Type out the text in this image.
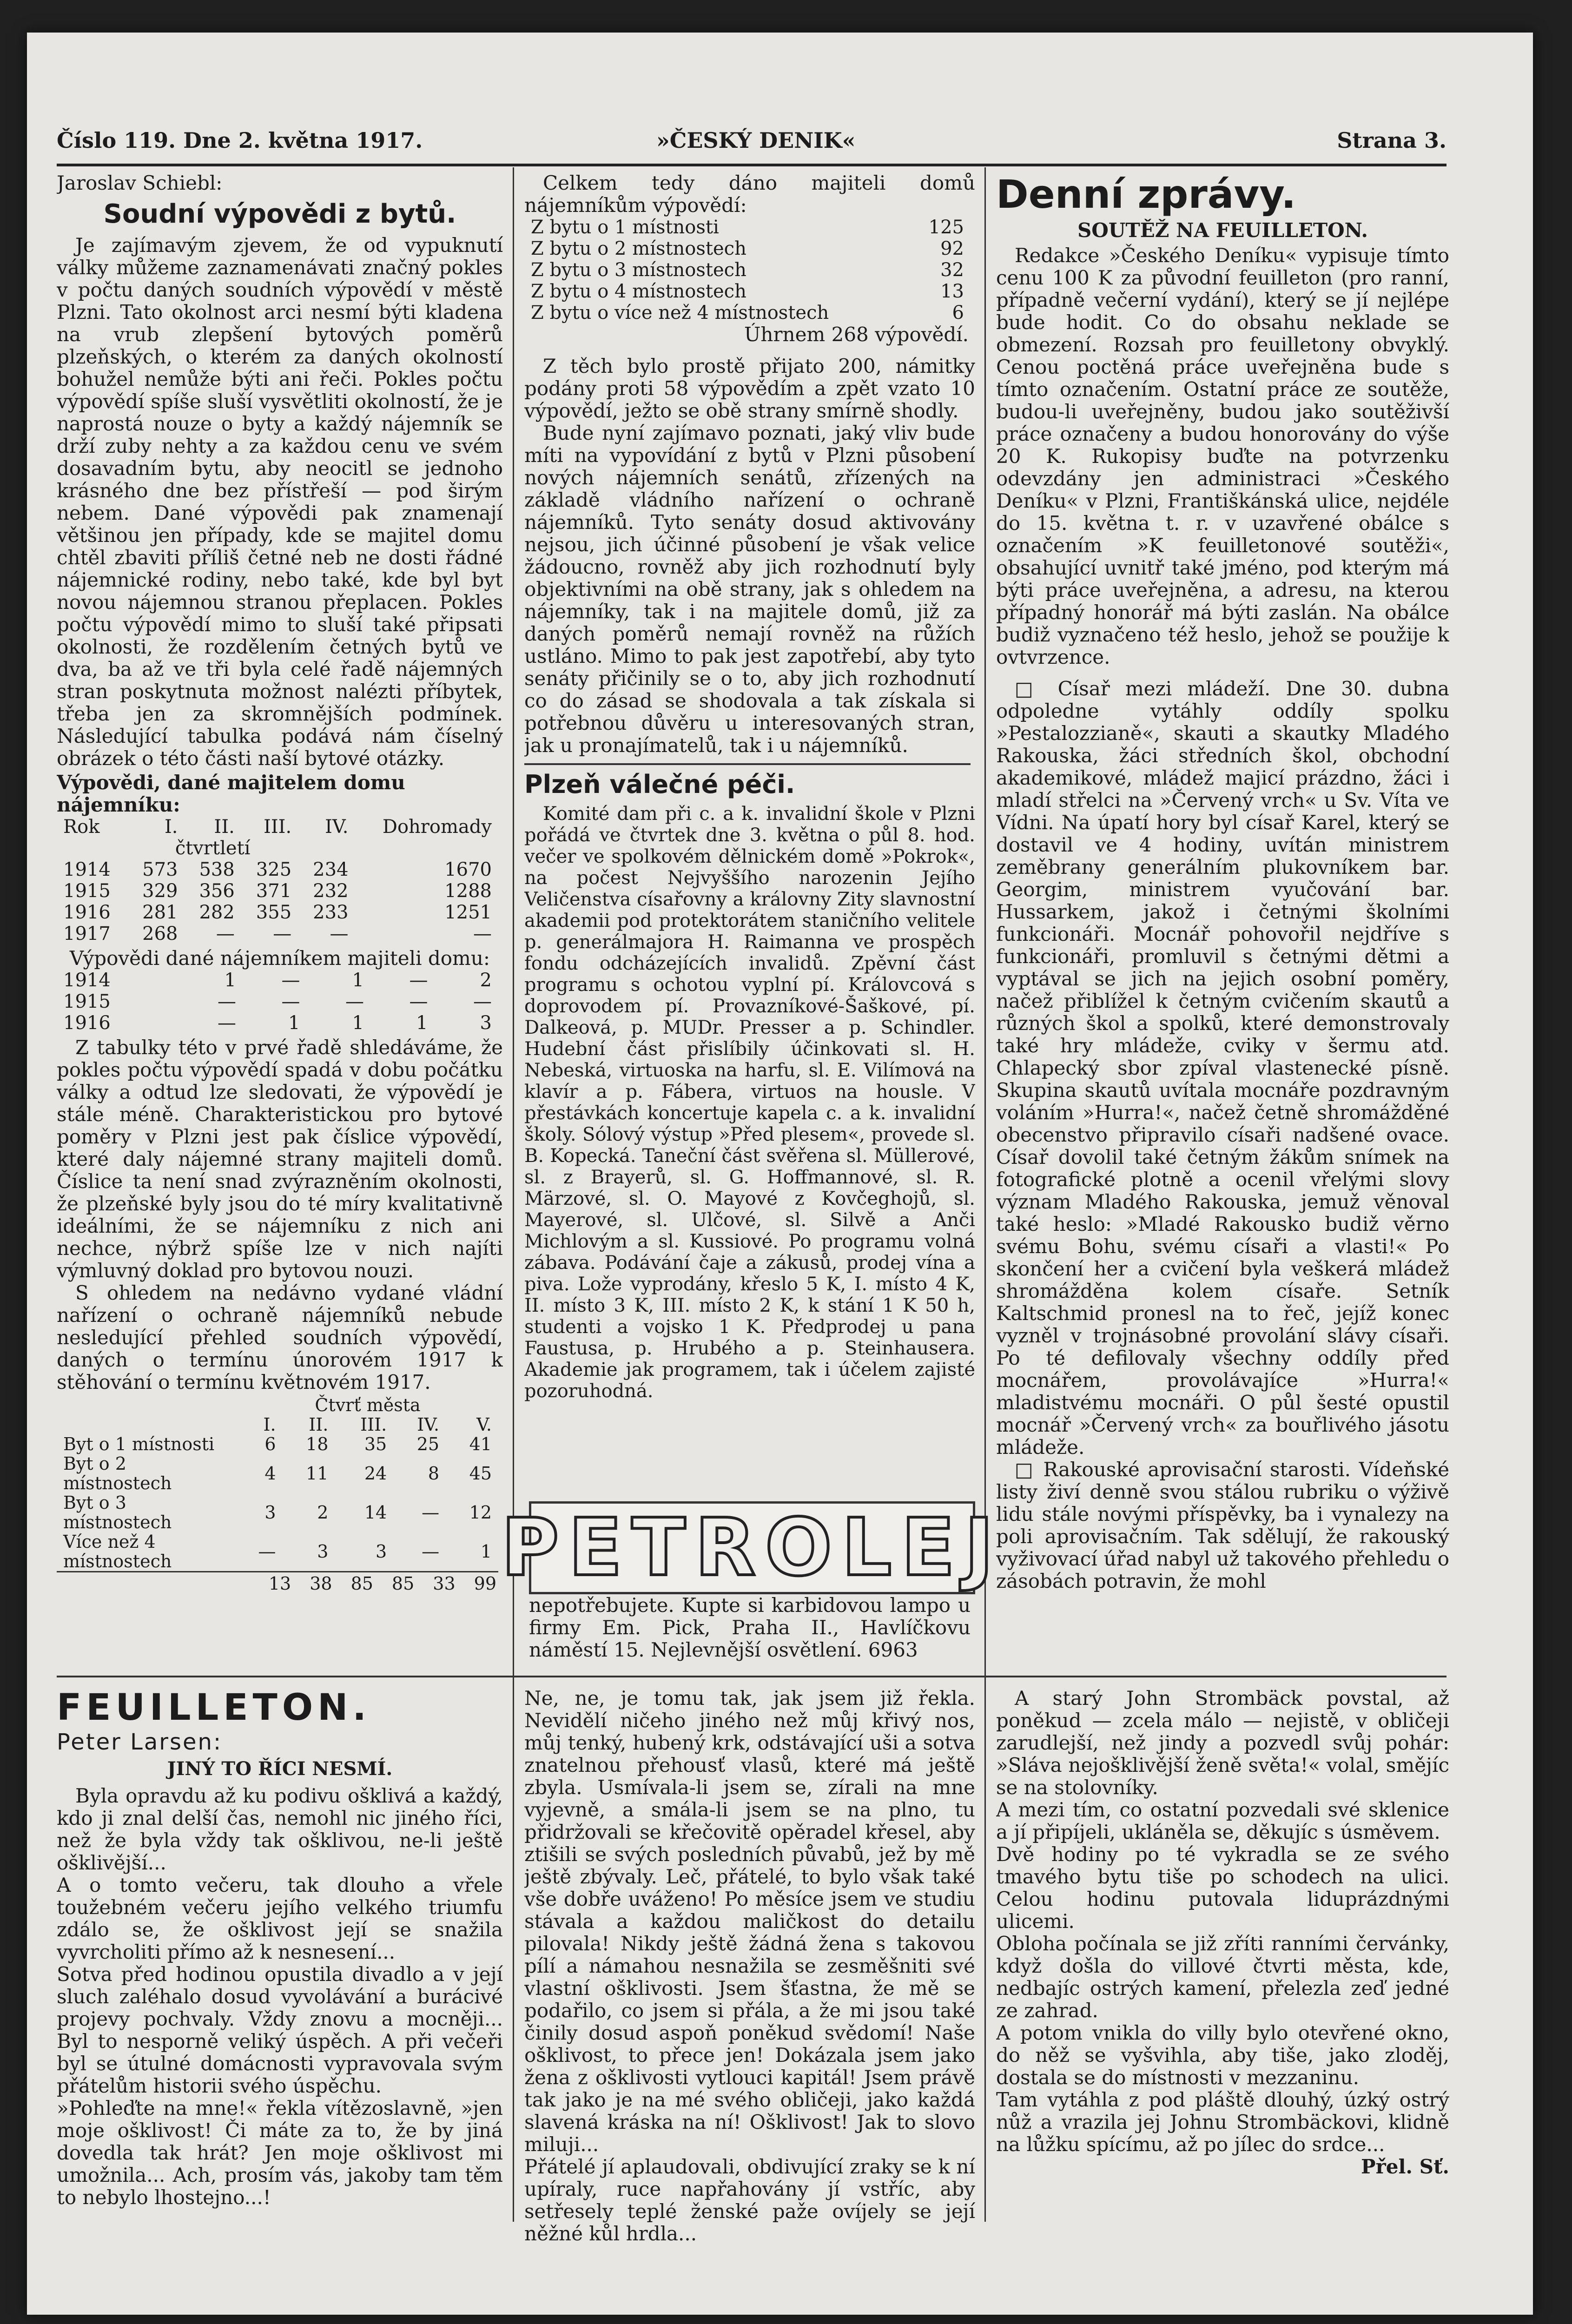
Číslo 119. Dne 2. května 1917.	»ČESKÝ DENIK«	Strana 3.
Jaroslav Schiebl:
Soudní výpovědi z bytů.

Je zajímavým zjevem, že od vypuknutí války můžeme zaznamenávati značný pokles v počtu daných soudních výpovědí v městě Plzni. Tato okolnost arci nesmí býti kladena na vrub zlepšení bytových poměrů plzeňských, o kterém za daných okolností bohužel nemůže býti ani řeči. Pokles počtu výpovědí spíše sluší vysvětliti okolností, že je naprostá nouze o byty a každý nájemník se drží zuby nehty a za každou cenu ve svém dosavadním bytu, aby neocitl se jednoho krásného dne bez přístřeší — pod širým nebem. Dané výpovědi pak znamenají většinou jen případy, kde se majitel domu chtěl zbaviti příliš četné neb ne dosti řádné nájemnické rodiny, nebo také, kde byl byt novou nájemnou stranou přeplacen. Pokles počtu výpovědí mimo to sluší také připsati okolnosti, že rozdělením četných bytů ve dva, ba až ve tři byla celé řadě nájemných stran poskytnuta možnost nalézti příbytek, třeba jen za skromnějších podmínek. Následující tabulka podává nám číselný obrázek o této části naší bytové otázky.

Výpovědi, dané majitelem domu nájemníku:
Rok	I.	II.	III.	IV.	Dohromady
	čtvrtletí				
1914	573	538	325	234	1670
1915	329	356	371	232	1288
1916	281	282	355	233	1251
1917	268	—	—	—	—
Výpovědi dané nájemníkem majiteli domu:
1914	1	—	1	—	2
1915	—	—	—	—	—
1916	—	1	1	1	3

Z tabulky této v prvé řadě shledáváme, že pokles počtu výpovědí spadá v dobu počátku války a odtud lze sledovati, že výpovědí je stále méně. Charakteristickou pro bytové poměry v Plzni jest pak číslice výpovědí, které daly nájemné strany majiteli domů. Číslice ta není snad zvýrazněním okolnosti, že plzeňské byly jsou do té míry kvalitativně ideálními, že se nájemníku z nich ani nechce, nýbrž spíše lze v nich najíti výmluvný doklad pro bytovou nouzi.

S ohledem na nedávno vydané vládní nařízení o ochraně nájemníků nebude nesledující přehled soudních výpovědí, daných o termínu únorovém 1917 k stěhování o termínu květnovém 1917.

	Čtvrť města				
	I.	II.	III.	IV.	V.
Byt o 1 místnosti	6	18	35	25	41
Byt o 2 místnostech	4	11	24	8	45
Byt o 3 místnostech	3	2	14	—	12
Více než 4 místnostech	—	3	3	—	1
13 38 85 85 33 99

Celkem tedy dáno majiteli domů nájemníkům výpovědí:

Z bytu o 1 místnosti	125
Z bytu o 2 místnostech	92
Z bytu o 3 místnostech	32
Z bytu o 4 místnostech	13
Z bytu o více než 4 místnostech	6
Úhrnem 268 výpovědí.

Z těch bylo prostě přijato 200, námitky podány proti 58 výpovědím a zpět vzato 10 výpovědí, ježto se obě strany smírně shodly.

Bude nyní zajímavo poznati, jaký vliv bude míti na vypovídání z bytů v Plzni působení nových nájemních senátů, zřízených na základě vládního nařízení o ochraně nájemníků. Tyto senáty dosud aktivovány nejsou, jich účinné působení je však velice žádoucno, rovněž aby jich rozhodnutí byly objektivními na obě strany, jak s ohledem na nájemníky, tak i na majitele domů, již za daných poměrů nemají rovněž na růžích ustláno. Mimo to pak jest zapotřebí, aby tyto senáty přičinily se o to, aby jich rozhodnutí co do zásad se shodovala a tak získala si potřebnou důvěru u interesovaných stran, jak u pronajímatelů, tak i u nájemníků.

Plzeň válečné péči.

Komité dam při c. a k. invalidní škole v Plzni pořádá ve čtvrtek dne 3. května o půl 8. hod. večer ve spolkovém dělnickém domě »Pokrok«, na počest Nejvyššího narozenin Jejího Veličenstva císařovny a královny Zity slavnostní akademii pod protektorátem staničního velitele p. generálmajora H. Raimanna ve prospěch fondu odcházejících invalidů. Zpěvní část programu s ochotou vyplní pí. Královcová s doprovodem pí. Provazníkové-Šaškové, pí. Dalkeová, p. MUDr. Presser a p. Schindler. Hudební část přislíbily účinkovati sl. H. Nebeská, virtuoska na harfu, sl. E. Vilímová na klavír a p. Fábera, virtuos na housle. V přestávkách koncertuje kapela c. a k. invalidní školy. Sólový výstup »Před plesem«, provede sl. B. Kopecká. Taneční část svěřena sl. Müllerové, sl. z Brayerů, sl. G. Hoffmannové, sl. R. Märzové, sl. O. Mayové z Kovčeghojů, sl. Mayerové, sl. Ulčové, sl. Silvě a Anči Michlovým a sl. Kussiové. Po programu volná zábava. Podávání čaje a zákusů, prodej vína a piva. Lože vyprodány, křeslo 5 K, I. místo 4 K, II. místo 3 K, III. místo 2 K, k stání 1 K 50 h, studenti a vojsko 1 K. Předprodej u pana Faustusa, p. Hrubého a p. Steinhausera. Akademie jak programem, tak i účelem zajisté pozoruhodná.

PETROLEJ

nepotřebujete. Kupte si karbidovou lampo u firmy Em. Pick, Praha II., Havlíčkovu náměstí 15. Nejlevnější osvětlení. 6963

Denní zprávy.
SOUTĚŽ NA FEUILLETON.

Redakce »Českého Deníku« vypisuje tímto cenu 100 K za původní feuilleton (pro ranní, případně večerní vydání), který se jí nejlépe bude hodit. Co do obsahu neklade se obmezení. Rozsah pro feuilletony obvyklý. Cenou poctěná práce uveřejněna bude s tímto označením. Ostatní práce ze soutěže, budou-li uveřejněny, budou jako soutěživší práce označeny a budou honorovány do výše 20 K. Rukopisy buďte na potvrzenku odevzdány jen administraci »Českého Deníku« v Plzni, Františkánská ulice, nejdéle do 15. května t. r. v uzavřené obálce s označením »K feuilletonové soutěži«, obsahující uvnitř také jméno, pod kterým má býti práce uveřejněna, a adresu, na kterou případný honorář má býti zaslán. Na obálce budiž vyznačeno též heslo, jehož se použije k ovtvrzence.

□ Císař mezi mládeží. Dne 30. dubna odpoledne vytáhly oddíly spolku »Pestalozzianě«, skauti a skautky Mladého Rakouska, žáci středních škol, obchodní akademikové, mládež majicí prázdno, žáci i mladí střelci na »Červený vrch« u Sv. Víta ve Vídni. Na úpatí hory byl císař Karel, který se dostavil ve 4 hodiny, uvítán ministrem zeměbrany generálním plukovníkem bar. Georgim, ministrem vyučování bar. Hussarkem, jakož i četnými školními funkcionáři. Mocnář pohovořil nejdříve s funkcionáři, promluvil s četnými dětmi a vyptával se jich na jejich osobní poměry, načež přiblížel k četným cvičením skautů a různých škol a spolků, které demonstrovaly také hry mládeže, cviky v šermu atd. Chlapecký sbor zpíval vlastenecké písně. Skupina skautů uvítala mocnáře pozdravným voláním »Hurra!«, načež četně shromážděné obecenstvo připravilo císaři nadšené ovace. Císař dovolil také četným žákům snímek na fotografické plotně a ocenil vřelými slovy význam Mladého Rakouska, jemuž věnoval také heslo: »Mladé Rakousko budiž věrno svému Bohu, svému císaři a vlasti!« Po skončení her a cvičení byla veškerá mládež shromážděna kolem císaře. Setník Kaltschmid pronesl na to řeč, jejíž konec vyzněl v trojnásobné provolání slávy císaři. Po té defilovaly všechny oddíly před mocnářem, provolávajíce »Hurra!« mladistvému mocnáři. O půl šesté opustil mocnář »Červený vrch« za bouřlivého jásotu mládeže.

□ Rakouské aprovisační starosti. Vídeňské listy živí denně svou stálou rubriku o výživě lidu stále novými příspěvky, ba i vynalezy na poli aprovisačním. Tak sdělují, že rakouský vyživovací úřad nabyl už takového přehledu o zásobách potravin, že mohl

FEUILLETON.
Peter Larsen:
JINÝ TO ŘÍCI NESMÍ.

Byla opravdu až ku podivu ošklivá a každý, kdo ji znal delší čas, nemohl nic jiného říci, než že byla vždy tak ošklivou, ne-li ještě ošklivější...
A o tomto večeru, tak dlouho a vřele toužebném večeru jejího velkého triumfu zdálo se, že ošklivost její se snažila vyvrcholiti přímo až k nesnesení...
Sotva před hodinou opustila divadlo a v její sluch zaléhalo dosud vyvolávání a burácivé projevy pochvaly. Vždy znovu a mocněji... Byl to nesporně veliký úspěch. A při večeři byl se útulné domácnosti vypravovala svým přátelům historii svého úspěchu.
»Pohleďte na mne!« řekla vítězoslavně, »jen moje ošklivost! Či máte za to, že by jiná dovedla tak hrát? Jen moje ošklivost mi umožnila... Ach, prosím vás, jakoby tam těm to nebylo lhostejno...!

Ne, ne, je tomu tak, jak jsem již řekla. Nevidělí ničeho jiného než můj křivý nos, můj tenký, hubený krk, odstávající uši a sotva znatelnou přehousť vlasů, které má ještě zbyla. Usmívala-li jsem se, zírali na mne vyjevně, a smála-li jsem se na plno, tu přidržovali se křečovitě opěradel křesel, aby ztišili se svých posledních půvabů, jež by mě ještě zbývaly. Leč, přátelé, to bylo však také vše dobře uváženo! Po měsíce jsem ve studiu stávala a každou maličkost do detailu pilovala! Nikdy ještě žádná žena s takovou pílí a námahou nesnažila se zesměšniti své vlastní ošklivosti. Jsem šťastna, že mě se podařilo, co jsem si přála, a že mi jsou také činily dosud aspoň poněkud svědomí! Naše ošklivost, to přece jen! Dokázala jsem jako žena z ošklivosti vytlouci kapitál! Jsem právě tak jako je na mé svého obličeji, jako každá slavená kráska na ní! Ošklivost! Jak to slovo miluji...
Přátelé jí aplaudovali, obdivující zraky se k ní upíraly, ruce napřahovány jí vstříc, aby setřesely teplé ženské paže ovíjely se její něžné kůl hrdla...

A starý John Strombäck povstal, až poněkud — zcela málo — nejistě, v obličeji zarudlejší, než jindy a pozvedl svůj pohár: »Sláva nejošklivější ženě světa!« volal, smějíc se na stolovníky.
A mezi tím, co ostatní pozvedali své sklenice a jí připíjeli, ukláněla se, děkujíc s úsměvem.
Dvě hodiny po té vykradla se ze svého tmavého bytu tiše po schodech na ulici. Celou hodinu putovala liduprázdnými ulicemi.
Obloha počínala se již zříti ranními červánky, když došla do villové čtvrti města, kde, nedbajíc ostrých kamení, přelezla zeď jedné ze zahrad.
A potom vnikla do villy bylo otevřené okno, do něž se vyšvihla, aby tiše, jako zloděj, dostala se do místnosti v mezzaninu.
Tam vytáhla z pod pláště dlouhý, úzký ostrý nůž a vrazila jej Johnu Strombäckovi, klidně na lůžku spícímu, až po jílec do srdce...

Přel. Sť.
